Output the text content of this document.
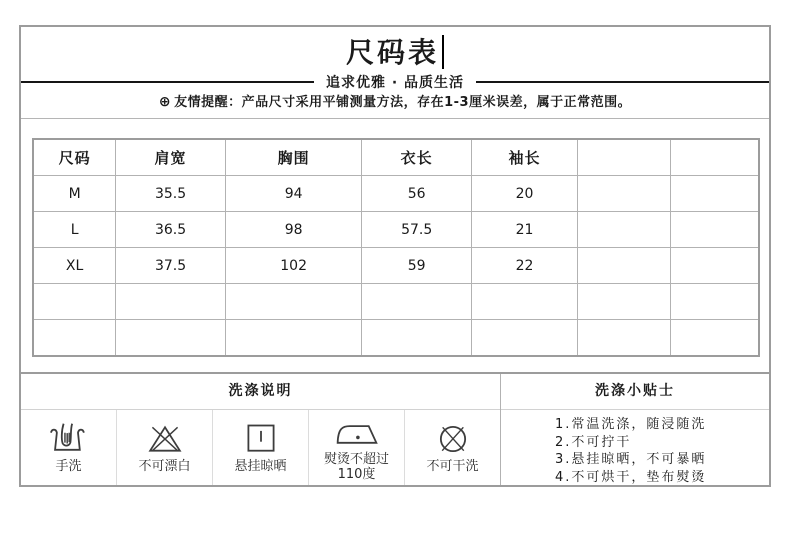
尺码表
追求优雅 · 品质生活
⊕ 友情提醒：产品尺寸采用平铺测量方法，存在1-3厘米误差，属于正常范围。
尺码	肩宽	胸围	衣长	袖长		
M	35.5	94	56	20		
L	36.5	98	57.5	21		
XL	37.5	102	59	22		

洗涤说明
手洗	不可漂白	悬挂晾晒	熨烫不超过
110度	不可干洗
洗涤小贴士
1.常温洗涤，随浸随洗
2.不可拧干
3.悬挂晾晒，不可暴晒
4.不可烘干，垫布熨烫
